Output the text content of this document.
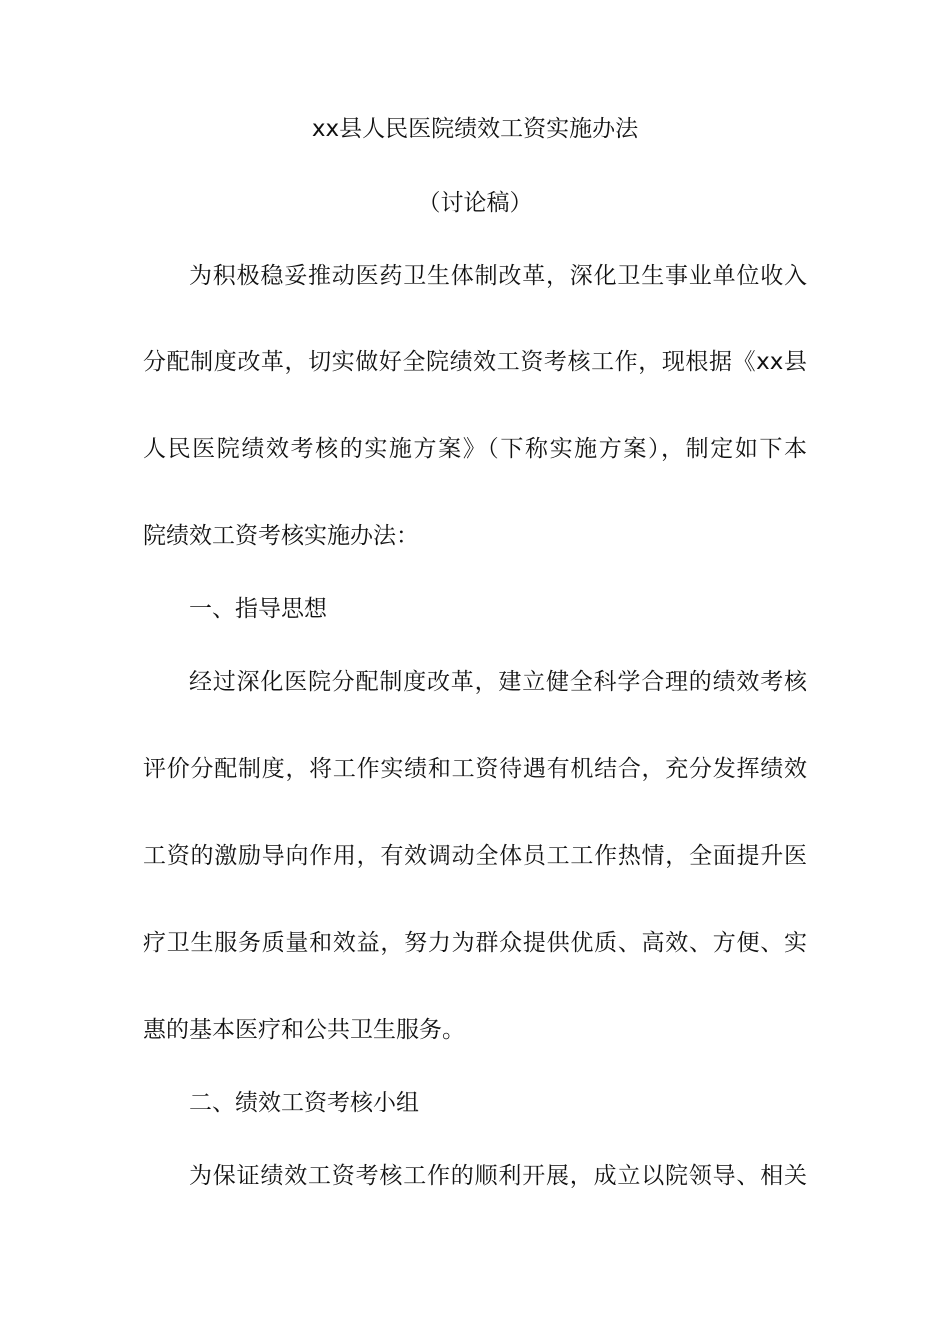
xx县人民医院绩效工资实施办法
（讨论稿）
为积极稳妥推动医药卫生体制改革，深化卫生事业单位收入
分配制度改革，切实做好全院绩效工资考核工作，现根据《xx县
人民医院绩效考核的实施方案》（下称实施方案），制定如下本
院绩效工资考核实施办法：
一、指导思想
经过深化医院分配制度改革，建立健全科学合理的绩效考核
评价分配制度，将工作实绩和工资待遇有机结合，充分发挥绩效
工资的激励导向作用，有效调动全体员工工作热情，全面提升医
疗卫生服务质量和效益，努力为群众提供优质、高效、方便、实
惠的基本医疗和公共卫生服务。
二、绩效工资考核小组
为保证绩效工资考核工作的顺利开展，成立以院领导、相关
